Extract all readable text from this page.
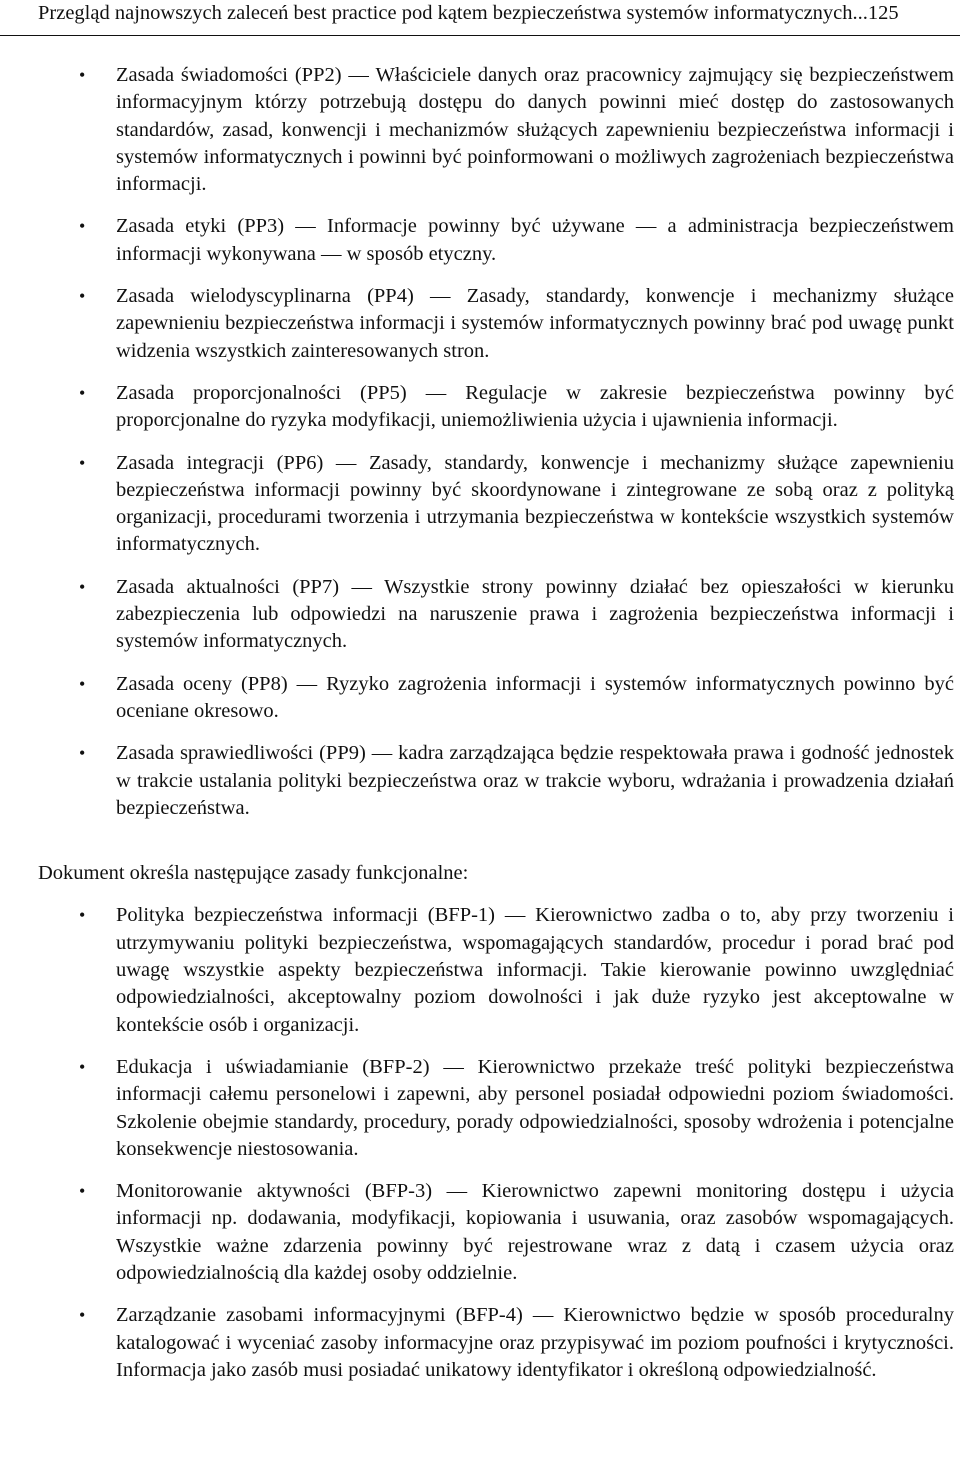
Przegląd najnowszych zaleceń best practice pod kątem bezpieczeństwa systemów informatycznych...125
• Zasada świadomości (PP2) — Właściciele danych oraz pracownicy zajmujący się bezpieczeństwem informacyjnym którzy potrzebują dostępu do danych powinni mieć dostęp do zastosowanych standardów, zasad, konwencji i mechanizmów służących zapewnieniu bezpieczeństwa informacji i systemów informatycznych i powinni być poinformowani o możliwych zagrożeniach bezpieczeństwa informacji.
• Zasada etyki (PP3) — Informacje powinny być używane — a administracja bezpieczeństwem informacji wykonywana — w sposób etyczny.
• Zasada wielodyscyplinarna (PP4) — Zasady, standardy, konwencje i mechanizmy służące zapewnieniu bezpieczeństwa informacji i systemów informatycznych powinny brać pod uwagę punkt widzenia wszystkich zainteresowanych stron.
• Zasada proporcjonalności (PP5) — Regulacje w zakresie bezpieczeństwa powinny być proporcjonalne do ryzyka modyfikacji, uniemożliwienia użycia i ujawnienia informacji.
• Zasada integracji (PP6) — Zasady, standardy, konwencje i mechanizmy służące zapewnieniu bezpieczeństwa informacji powinny być skoordynowane i zintegrowane ze sobą oraz z polityką organizacji, procedurami tworzenia i utrzymania bezpieczeństwa w kontekście wszystkich systemów informatycznych.
• Zasada aktualności (PP7) — Wszystkie strony powinny działać bez opieszałości w kierunku zabezpieczenia lub odpowiedzi na naruszenie prawa i zagrożenia bezpieczeństwa informacji i systemów informatycznych.
• Zasada oceny (PP8) — Ryzyko zagrożenia informacji i systemów informatycznych powinno być oceniane okresowo.
• Zasada sprawiedliwości (PP9) — kadra zarządzająca będzie respektowała prawa i godność jednostek w trakcie ustalania polityki bezpieczeństwa oraz w trakcie wyboru, wdrażania i prowadzenia działań bezpieczeństwa.

Dokument określa następujące zasady funkcjonalne:

• Polityka bezpieczeństwa informacji (BFP-1) — Kierownictwo zadba o to, aby przy tworzeniu i utrzymywaniu polityki bezpieczeństwa, wspomagających standardów, procedur i porad brać pod uwagę wszystkie aspekty bezpieczeństwa informacji. Takie kierowanie powinno uwzględniać odpowiedzialności, akceptowalny poziom dowolności i jak duże ryzyko jest akceptowalne w kontekście osób i organizacji.
• Edukacja i uświadamianie (BFP-2) — Kierownictwo przekaże treść polityki bezpieczeństwa informacji całemu personelowi i zapewni, aby personel posiadał odpowiedni poziom świadomości. Szkolenie obejmie standardy, procedury, porady odpowiedzialności, sposoby wdrożenia i potencjalne konsekwencje niestosowania.
• Monitorowanie aktywności (BFP-3) — Kierownictwo zapewni monitoring dostępu i użycia informacji np. dodawania, modyfikacji, kopiowania i usuwania, oraz zasobów wspomagających. Wszystkie ważne zdarzenia powinny być rejestrowane wraz z datą i czasem użycia oraz odpowiedzialnością dla każdej osoby oddzielnie.
• Zarządzanie zasobami informacyjnymi (BFP-4) — Kierownictwo będzie w sposób proceduralny katalogować i wyceniać zasoby informacyjne oraz przypisywać im poziom poufności i krytyczności. Informacja jako zasób musi posiadać unikatowy identyfikator i określoną odpowiedzialność.
